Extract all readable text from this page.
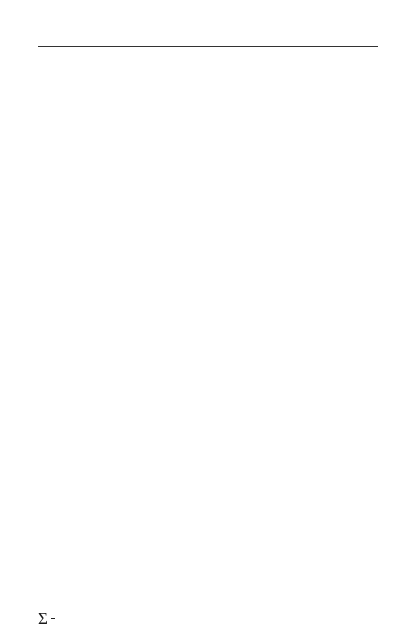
Σ
